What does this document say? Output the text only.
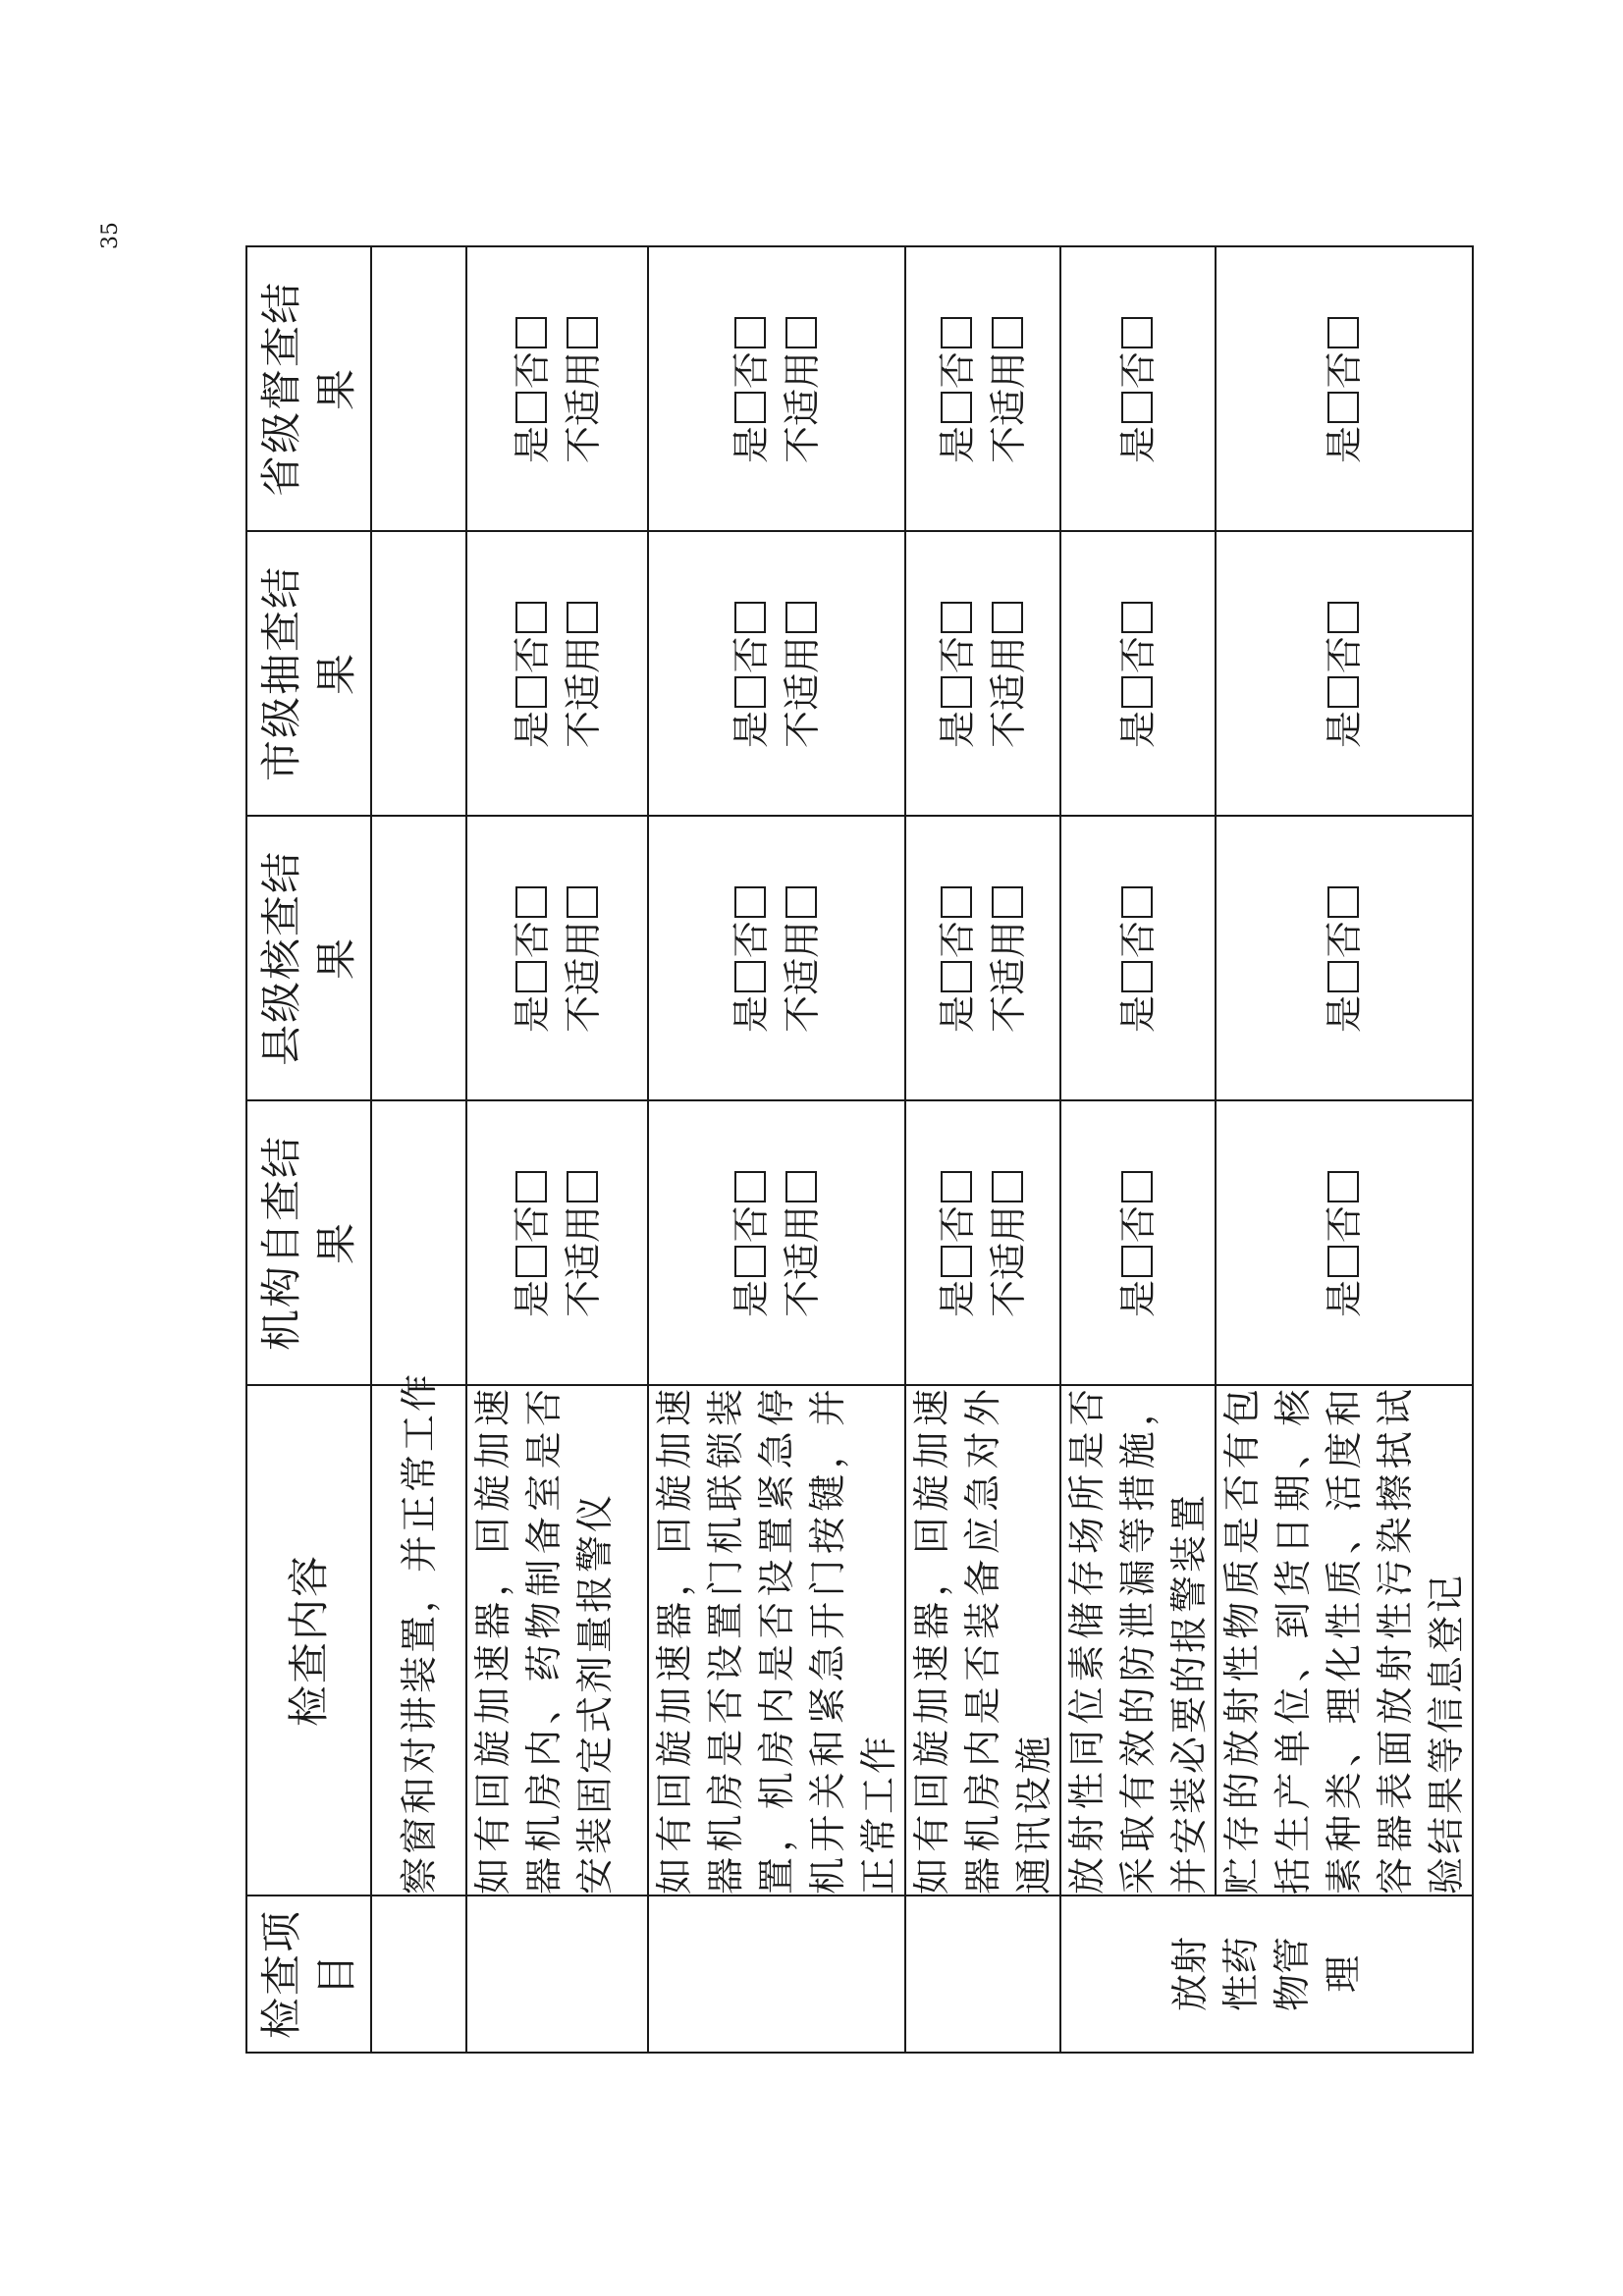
35
检查项 目	检查内容	机构自查结 果	县级核查结 果	市级抽查结 果	省级督查结 果

	察窗和对讲装置，并正常工作				

	如有回旋加速器，回旋加速器机房内、药物制备室是否安装固定式剂量报警仪	是否 不适用	是否 不适用	是否 不适用	是否 不适用

	如有回旋加速器，回旋加速器机房是否设置门机联锁装置，机房内是否设置紧急停机开关和紧急开门按键，并正常工作	是否 不适用	是否 不适用	是否 不适用	是否 不适用

	如有回旋加速器，回旋加速器机房内是否装备应急对外通讯设施	是否 不适用	是否 不适用	是否 不适用	是否 不适用

放射 性药 物管 理	放射性同位素储存场所是否采取有效的防泄漏等措施，并安装必要的报警装置	是否	是否	是否	是否
	贮存的放射性物质是否有包括生产单位、到货日期、核素种类、理化性质、活度和容器表面放射性污染擦拭试验结果等信息登记	是否	是否	是否	是否
